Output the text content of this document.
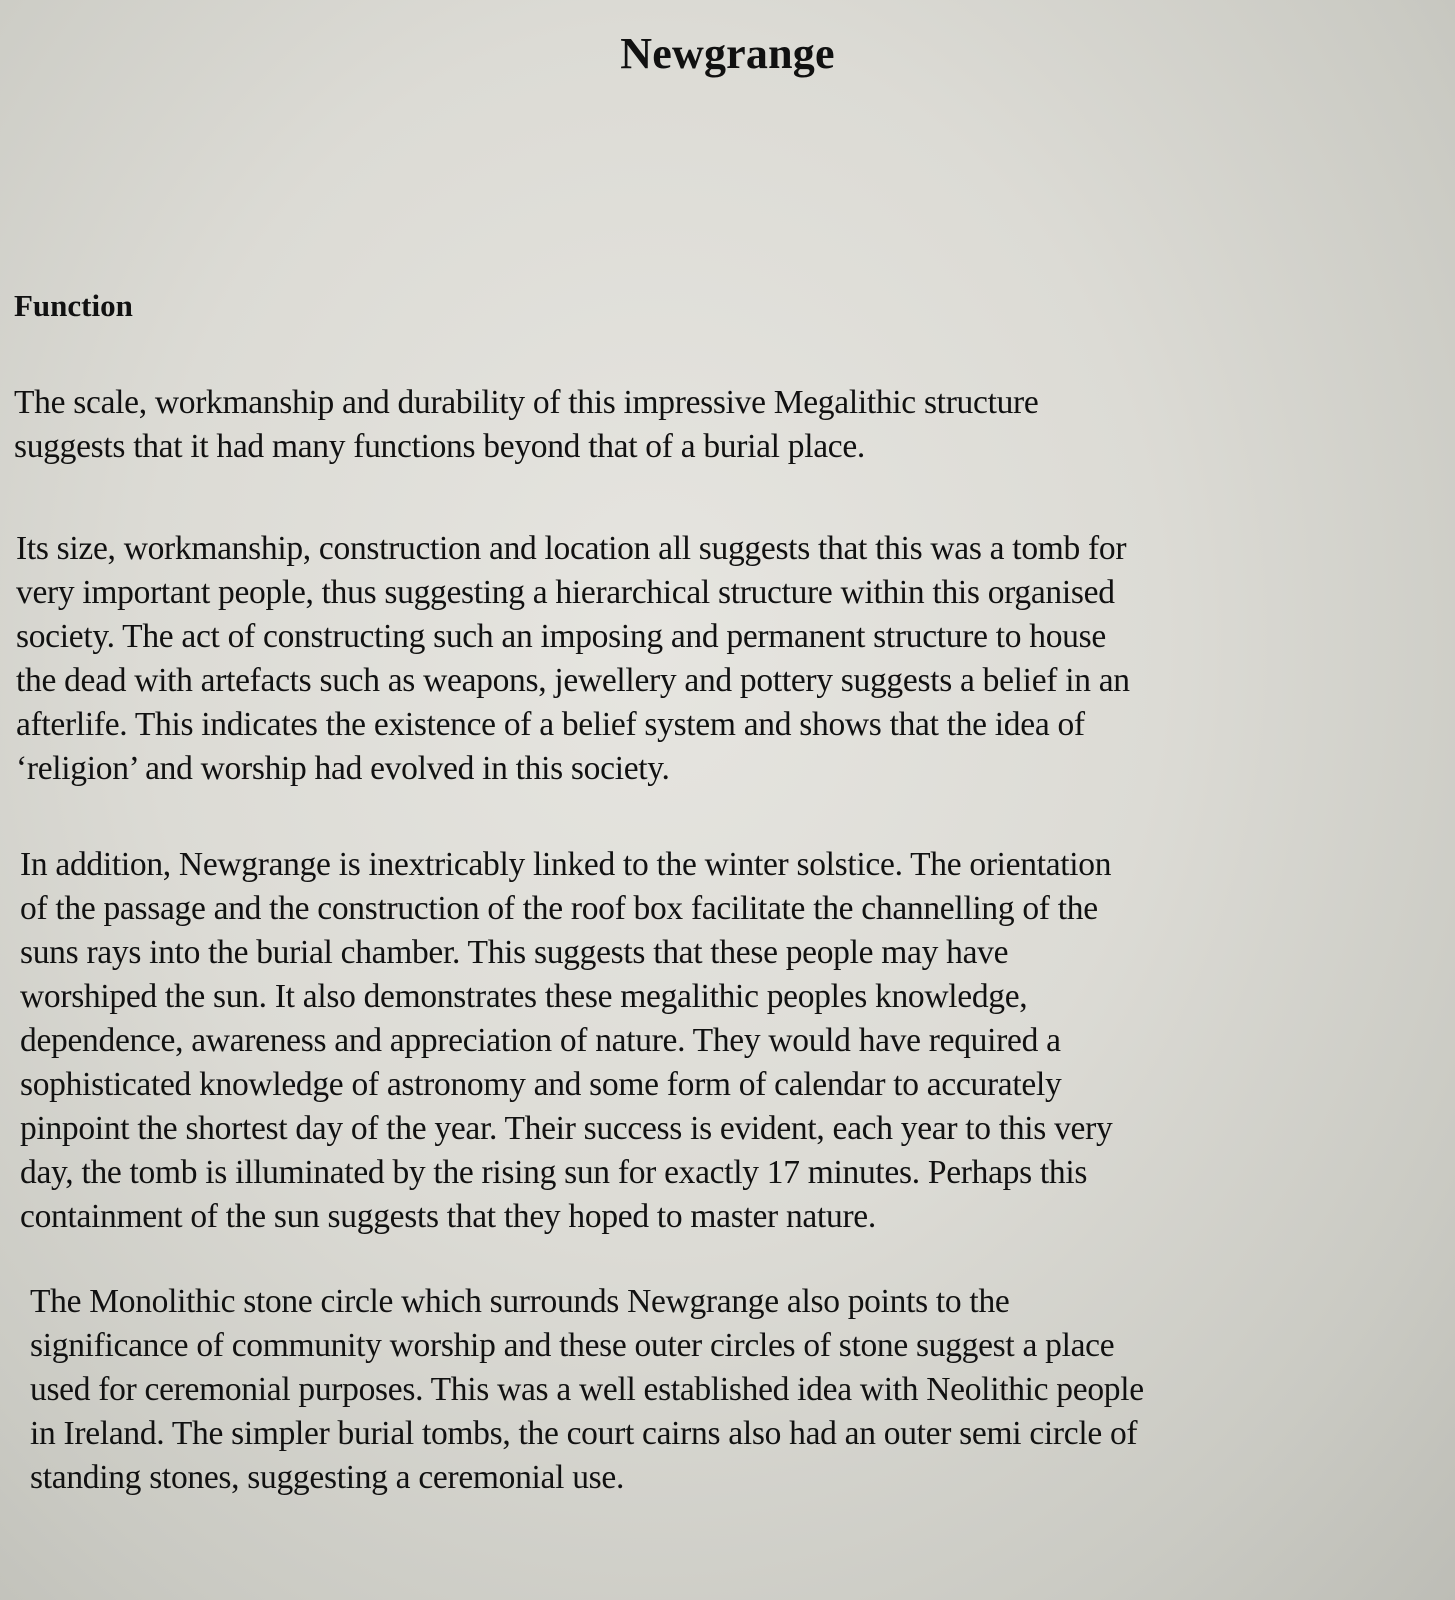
Newgrange
Function
The scale, workmanship and durability of this impressive Megalithic structure
suggests that it had many functions beyond that of a burial place.
Its size, workmanship, construction and location all suggests that this was a tomb for
very important people, thus suggesting a hierarchical structure within this organised
society. The act of constructing such an imposing and permanent structure to house
the dead with artefacts such as weapons, jewellery and pottery suggests a belief in an
afterlife. This indicates the existence of a belief system and shows that the idea of
‘religion’ and worship had evolved in this society.
In addition, Newgrange is inextricably linked to the winter solstice. The orientation
of the passage and the construction of the roof box facilitate the channelling of the
suns rays into the burial chamber. This suggests that these people may have
worshiped the sun. It also demonstrates these megalithic peoples knowledge,
dependence, awareness and appreciation of nature. They would have required a
sophisticated knowledge of astronomy and some form of calendar to accurately
pinpoint the shortest day of the year. Their success is evident, each year to this very
day, the tomb is illuminated by the rising sun for exactly 17 minutes. Perhaps this
containment of the sun suggests that they hoped to master nature.
The Monolithic stone circle which surrounds Newgrange also points to the
significance of community worship and these outer circles of stone suggest a place
used for ceremonial purposes. This was a well established idea with Neolithic people
in Ireland. The simpler burial tombs, the court cairns also had an outer semi circle of
standing stones, suggesting a ceremonial use.
